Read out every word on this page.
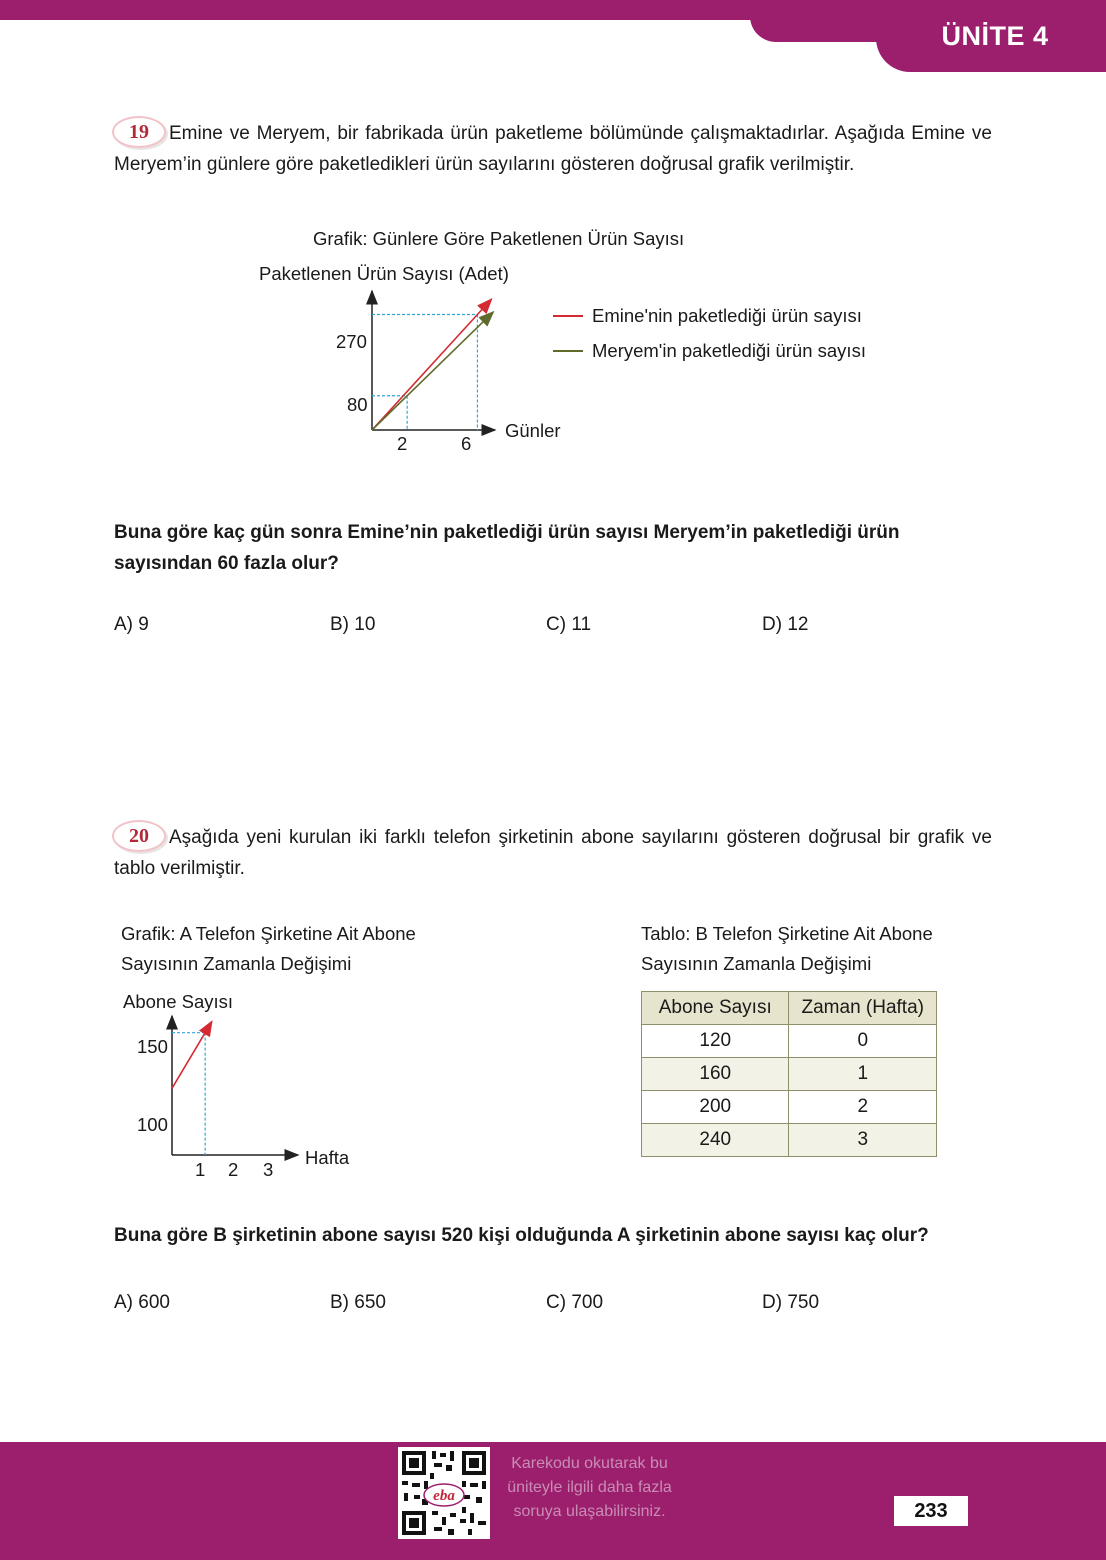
ÜNİTE 4
19	Emine ve Meryem, bir fabrikada ürün paketleme bölümünde çalışmaktadırlar. Aşağıda Emine ve Meryem’in günlere göre paketledikleri ürün sayılarını gösteren doğrusal grafik verilmiştir.
Grafik: Günlere Göre Paketlenen Ürün Sayısı
Paketlenen Ürün Sayısı (Adet)
Günler
270
80
2	6
Emine'nin paketlediği ürün sayısı
Meryem'in paketlediği ürün sayısı
Buna göre kaç gün sonra Emine’nin paketlediği ürün sayısı Meryem’in paketlediği ürün sayısından 60 fazla olur?
A) 9	B) 10	C) 11	D) 12
20	Aşağıda yeni kurulan iki farklı telefon şirketinin abone sayılarını gösteren doğrusal bir grafik ve tablo verilmiştir.
Grafik: A Telefon Şirketine Ait Abone
Sayısının Zamanla Değişimi
Abone Sayısı
150
100
1 2 3
Hafta
Tablo: B Telefon Şirketine Ait Abone
Sayısının Zamanla Değişimi
Abone Sayısı	Zaman (Hafta)
120	0
160	1
200	2
240	3
Buna göre B şirketinin abone sayısı 520 kişi olduğunda A şirketinin abone sayısı kaç olur?
A) 600	B) 650	C) 700	D) 750
eba
Karekodu okutarak bu üniteyle ilgili daha fazla soruya ulaşabilirsiniz.	233
